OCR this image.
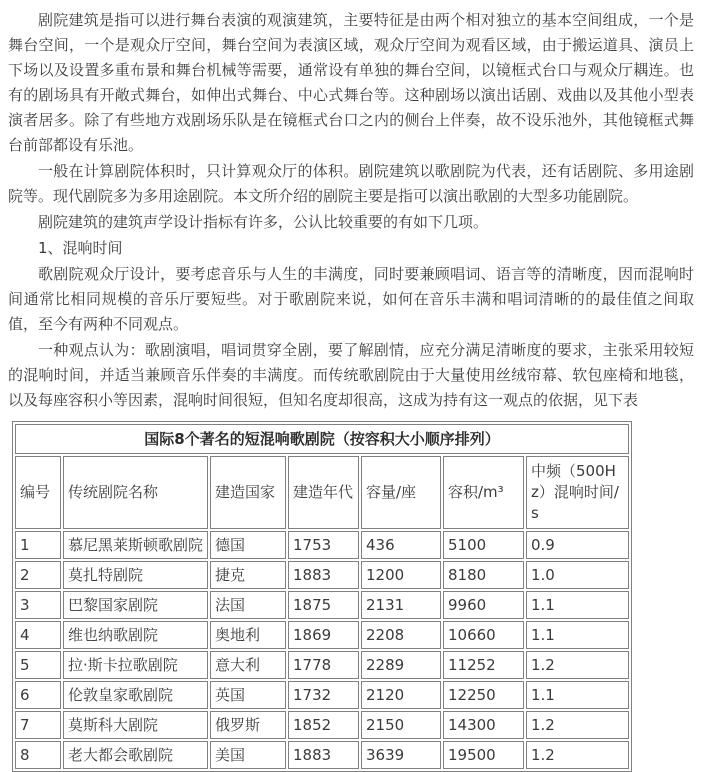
剧院建筑是指可以进行舞台表演的观演建筑，主要特征是由两个相对独立的基本空间组成，一个是舞台空间，一个是观众厅空间，舞台空间为表演区域，观众厅空间为观看区域，由于搬运道具、演员上下场以及设置多重布景和舞台机械等需要，通常设有单独的舞台空间，以镜框式台口与观众厅耦连。也有的剧场具有开敞式舞台，如伸出式舞台、中心式舞台等。这种剧场以演出话剧、戏曲以及其他小型表演者居多。除了有些地方戏剧场乐队是在镜框式台口之内的侧台上伴奏，故不设乐池外，其他镜框式舞台前部都设有乐池。

一般在计算剧院体积时，只计算观众厅的体积。剧院建筑以歌剧院为代表，还有话剧院、多用途剧院等。现代剧院多为多用途剧院。本文所介绍的剧院主要是指可以演出歌剧的大型多功能剧院。

剧院建筑的建筑声学设计指标有许多，公认比较重要的有如下几项。

1、混响时间

歌剧院观众厅设计，要考虑音乐与人生的丰满度，同时要兼顾唱词、语言等的清晰度，因而混响时间通常比相同规模的音乐厅要短些。对于歌剧院来说，如何在音乐丰满和唱词清晰的的最佳值之间取值，至今有两种不同观点。

一种观点认为：歌剧演唱，唱词贯穿全剧，要了解剧情，应充分满足清晰度的要求，主张采用较短的混响时间，并适当兼顾音乐伴奏的丰满度。而传统歌剧院由于大量使用丝绒帘幕、软包座椅和地毯，以及每座容积小等因素，混响时间很短，但知名度却很高，这成为持有这一观点的依据，见下表

国际8个著名的短混响歌剧院（按容积大小顺序排列）						
编号	传统剧院名称	建造国家	建造年代	容量/座	容积/m³	中频（500Hz）混响时间/s
1	慕尼黑莱斯顿歌剧院	德国	1753	436	5100	0.9
2	莫扎特剧院	捷克	1883	1200	8180	1.0
3	巴黎国家剧院	法国	1875	2131	9960	1.1
4	维也纳歌剧院	奥地利	1869	2208	10660	1.1
5	拉·斯卡拉歌剧院	意大利	1778	2289	11252	1.2
6	伦敦皇家歌剧院	英国	1732	2120	12250	1.1
7	莫斯科大剧院	俄罗斯	1852	2150	14300	1.2
8	老大都会歌剧院	美国	1883	3639	19500	1.2
